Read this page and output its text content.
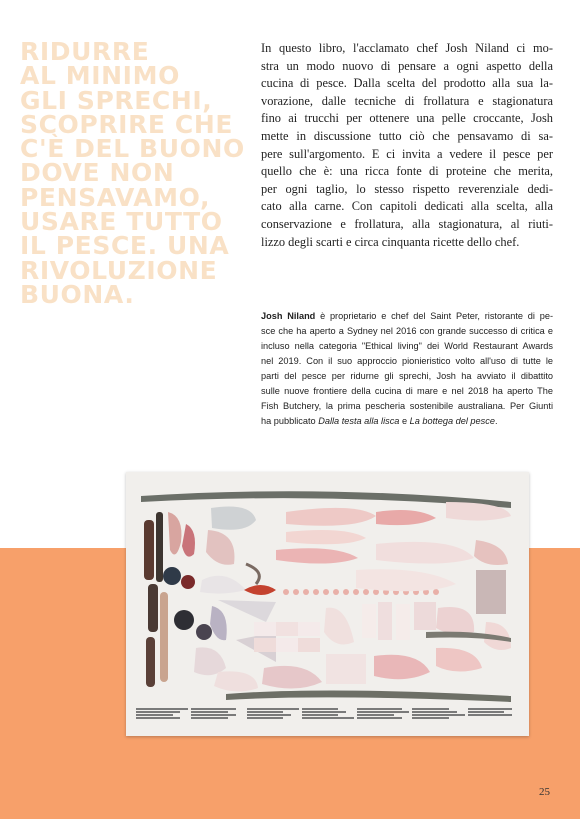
RIDURRE
AL MINIMO
GLI SPRECHI,
SCOPRIRE CHE
C'È DEL BUONO
DOVE NON
PENSAVAMO,
USARE TUTTO
IL PESCE. UNA
RIVOLUZIONE
BUONA.

In questo libro, l'acclamato chef Josh Niland ci mo-
stra un modo nuovo di pensare a ogni aspetto della
cucina di pesce. Dalla scelta del prodotto alla sua la-
vorazione, dalle tecniche di frollatura e stagionatura
fino ai trucchi per ottenere una pelle croccante, Josh
mette in discussione tutto ciò che pensavamo di sa-
pere sull'argomento. E ci invita a vedere il pesce per
quello che è: una ricca fonte di proteine che merita,
per ogni taglio, lo stesso rispetto reverenziale dedi-
cato alla carne. Con capitoli dedicati alla scelta, alla
conservazione e frollatura, alla stagionatura, al riuti-
lizzo degli scarti e circa cinquanta ricette dello chef.

Josh Niland è proprietario e chef del Saint Peter, ristorante di pe-
sce che ha aperto a Sydney nel 2016 con grande successo di critica e
incluso nella categoria "Ethical living" dei World Restaurant Awards
nel 2019. Con il suo approccio pionieristico volto all'uso di tutte le
parti del pesce per ridurne gli sprechi, Josh ha avviato il dibattito
sulle nuove frontiere della cucina di mare e nel 2018 ha aperto The
Fish Butchery, la prima pescheria sostenibile australiana. Per Giunti
ha pubblicato Dalla testa alla lisca e La bottega del pesce.

25
